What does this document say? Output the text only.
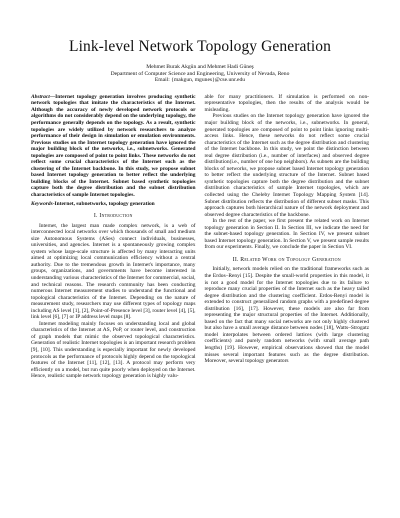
Link-level Network Topology Generation
Mehmet Burak Akgün and Mehmet Hadi Güneş
Department of Computer Science and Engineering, University of Nevada, Reno
Email: {makgun, mgunes}@cse.unr.edu
Abstract—Internet topology generation involves producing synthetic network topologies that imitate the characteristics of the Internet. Although the accuracy of newly developed network protocols or algorithms do not considerably depend on the underlying topology, the performance generally depends on the topology. As a result, synthetic topologies are widely utilized by network researchers to analyze performance of their design in simulation or emulation environments. Previous studies on the Internet topology generation have ignored the major building block of the networks, i.e., subnetworks. Generated topologies are composed of point to point links. These networks do not reflect some crucial characteristics of the Internet such as the clustering of the Internet backbone. In this study, we propose subnet based Internet topology generation to better reflect the underlying building blocks of the Internet. Subnet based synthetic topologies capture both the degree distribution and the subnet distribution characteristics of sample Internet topologies.
Keywords-Internet, subnetworks, topology generation
I. Introduction

Internet, the largest man made complex network, is a web of interconnected local networks over which thousands of small and medium size Autonomous Systems (ASes) connect individuals, businesses, universities, and agencies. Internet is a spontaneously growing complex system whose large-scale structure is affected by many interacting units aimed at optimizing local communication efficiency without a central authority. Due to the tremendous growth in Internet's importance, many groups, organizations, and governments have become interested in understanding various characteristics of the Internet for commercial, social, and technical reasons. The research community has been conducting numerous Internet measurement studies to understand the functional and topological characteristics of the Internet. Depending on the nature of measurement study, researchers may use different types of topology maps including AS level [1], [2], Point-of-Presence level [3], router level [4], [5], link level [6], [7] or IP address level maps [8].

Internet modeling mainly focuses on understanding local and global characteristics of the Internet at AS, PoP, or router level, and construction of graph models that mimic the observed topological characteristics. Generation of realistic Internet topologies is an important research problem [9], [10]. This understanding is especially important for newly developed protocols as the performance of protocols highly depend on the topological features of the Internet [11], [12], [13]. A protocol may perform very efficiently on a model, but run quite poorly when deployed on the Internet. Hence, realistic sample network topology generation is highly valu-

able for many practitioners. If simulation is performed on non-representative topologies, then the results of the analysis would be misleading.

Previous studies on the Internet topology generation have ignored the major building block of the networks, i.e., subnetworks. In general, generated topologies are composed of point to point links ignoring multi-access links. Hence, these networks do not reflect some crucial characteristics of the Internet such as the degree distribution and clustering of the Internet backbone. In this study, we point the distinction between real degree distribution (i.e., number of interfaces) and observed degree distribution(i.e., number of one hop neighbors). As subnets are the building blocks of networks, we propose subnet based Internet topology generation to better reflect the underlying structure of the Internet. Subnet based synthetic topologies capture both the degree distribution and the subnet distribution characteristics of sample Internet topologies, which are collected using the Cheleby Internet Topology Mapping System [14]. Subnet distribution reflects the distribution of different subnet masks. This approach captures both hierarchical nature of the network deployment and observed degree characteristics of the backbone.

In the rest of the paper, we first present the related work on Internet topology generation in Section II. In Section III, we indicate the need for the subnet-based topology generation. In Section IV, we present subnet based Internet topology generation. In Section V, we present sample results from our experiments. Finally, we conclude the paper in Section VI.

II. Related Work on Topology Generation

Initially, network models relied on the traditional frameworks such as the Erdos–Renyi [15]. Despite the small-world properties in this model, it is not a good model for the Internet topologies due to its failure to reproduce many crucial properties of the Internet such as the heavy tailed degree distribution and the clustering coefficient. Erdos-Renyi model is extended to construct generalized random graphs with a predefined degree distribution [16], [17]. However, these models are also far from representing the major structural properties of the Internet. Additionally, based on the fact that many social networks are not only highly clustered but also have a small average distance between nodes [18], Watts–Strogatz model interpolates between ordered lattices (with large clustering coefficients) and purely random networks (with small average path lengths) [19]. However, empirical observations showed that the model misses several important features such as the degree distribution. Moreover, several topology generators
